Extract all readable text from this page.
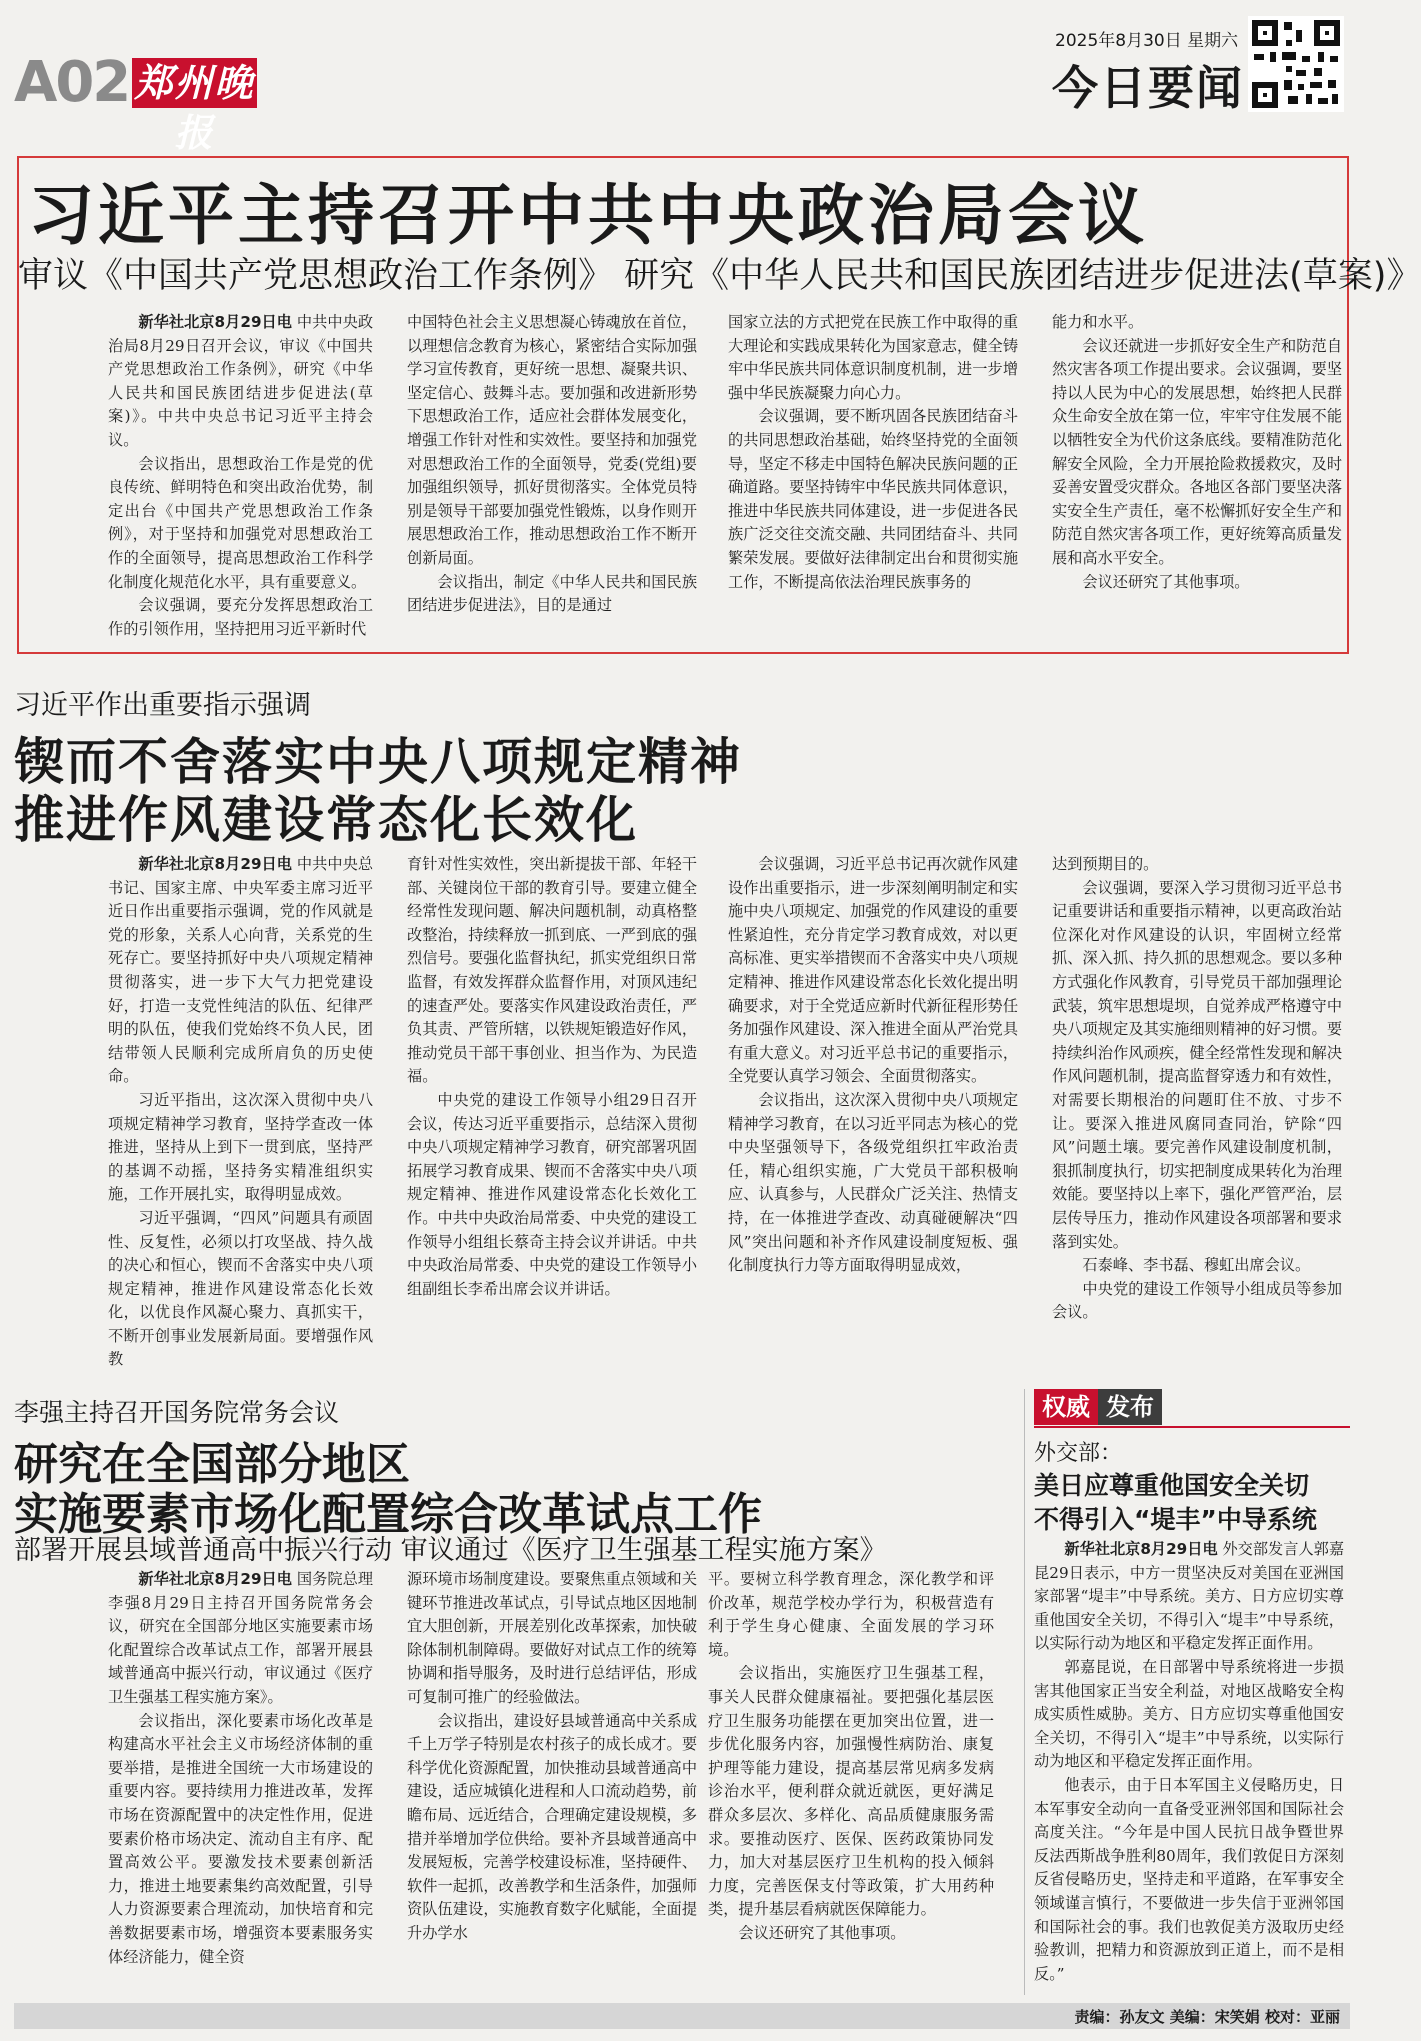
A02 郑州晚报
2025年8月30日 星期六
今日要闻
习近平主持召开中共中央政治局会议
审议《中国共产党思想政治工作条例》 研究《中华人民共和国民族团结进步促进法(草案)》

新华社北京8月29日电 中共中央政治局8月29日召开会议，审议《中国共产党思想政治工作条例》，研究《中华人民共和国民族团结进步促进法(草案)》。中共中央总书记习近平主持会议。

会议指出，思想政治工作是党的优良传统、鲜明特色和突出政治优势，制定出台《中国共产党思想政治工作条例》，对于坚持和加强党对思想政治工作的全面领导，提高思想政治工作科学化制度化规范化水平，具有重要意义。

会议强调，要充分发挥思想政治工作的引领作用，坚持把用习近平新时代

中国特色社会主义思想凝心铸魂放在首位，以理想信念教育为核心，紧密结合实际加强学习宣传教育，更好统一思想、凝聚共识、坚定信心、鼓舞斗志。要加强和改进新形势下思想政治工作，适应社会群体发展变化，增强工作针对性和实效性。要坚持和加强党对思想政治工作的全面领导，党委(党组)要加强组织领导，抓好贯彻落实。全体党员特别是领导干部要加强党性锻炼，以身作则开展思想政治工作，推动思想政治工作不断开创新局面。

会议指出，制定《中华人民共和国民族团结进步促进法》，目的是通过

国家立法的方式把党在民族工作中取得的重大理论和实践成果转化为国家意志，健全铸牢中华民族共同体意识制度机制，进一步增强中华民族凝聚力向心力。

会议强调，要不断巩固各民族团结奋斗的共同思想政治基础，始终坚持党的全面领导，坚定不移走中国特色解决民族问题的正确道路。要坚持铸牢中华民族共同体意识，推进中华民族共同体建设，进一步促进各民族广泛交往交流交融、共同团结奋斗、共同繁荣发展。要做好法律制定出台和贯彻实施工作，不断提高依法治理民族事务的

能力和水平。

会议还就进一步抓好安全生产和防范自然灾害各项工作提出要求。会议强调，要坚持以人民为中心的发展思想，始终把人民群众生命安全放在第一位，牢牢守住发展不能以牺牲安全为代价这条底线。要精准防范化解安全风险，全力开展抢险救援救灾，及时妥善安置受灾群众。各地区各部门要坚决落实安全生产责任，毫不松懈抓好安全生产和防范自然灾害各项工作，更好统筹高质量发展和高水平安全。

会议还研究了其他事项。

习近平作出重要指示强调
锲而不舍落实中央八项规定精神
推进作风建设常态化长效化

新华社北京8月29日电 中共中央总书记、国家主席、中央军委主席习近平近日作出重要指示强调，党的作风就是党的形象，关系人心向背，关系党的生死存亡。要坚持抓好中央八项规定精神贯彻落实，进一步下大气力把党建设好，打造一支党性纯洁的队伍、纪律严明的队伍，使我们党始终不负人民，团结带领人民顺利完成所肩负的历史使命。

习近平指出，这次深入贯彻中央八项规定精神学习教育，坚持学查改一体推进，坚持从上到下一贯到底，坚持严的基调不动摇，坚持务实精准组织实施，工作开展扎实，取得明显成效。

习近平强调，“四风”问题具有顽固性、反复性，必须以打攻坚战、持久战的决心和恒心，锲而不舍落实中央八项规定精神，推进作风建设常态化长效化，以优良作风凝心聚力、真抓实干，不断开创事业发展新局面。要增强作风教

育针对性实效性，突出新提拔干部、年轻干部、关键岗位干部的教育引导。要建立健全经常性发现问题、解决问题机制，动真格整改整治，持续释放一抓到底、一严到底的强烈信号。要强化监督执纪，抓实党组织日常监督，有效发挥群众监督作用，对顶风违纪的速查严处。要落实作风建设政治责任，严负其责、严管所辖，以铁规矩锻造好作风，推动党员干部干事创业、担当作为、为民造福。

中央党的建设工作领导小组29日召开会议，传达习近平重要指示，总结深入贯彻中央八项规定精神学习教育，研究部署巩固拓展学习教育成果、锲而不舍落实中央八项规定精神、推进作风建设常态化长效化工作。中共中央政治局常委、中央党的建设工作领导小组组长蔡奇主持会议并讲话。中共中央政治局常委、中央党的建设工作领导小组副组长李希出席会议并讲话。

会议强调，习近平总书记再次就作风建设作出重要指示，进一步深刻阐明制定和实施中央八项规定、加强党的作风建设的重要性紧迫性，充分肯定学习教育成效，对以更高标准、更实举措锲而不舍落实中央八项规定精神、推进作风建设常态化长效化提出明确要求，对于全党适应新时代新征程形势任务加强作风建设、深入推进全面从严治党具有重大意义。对习近平总书记的重要指示，全党要认真学习领会、全面贯彻落实。

会议指出，这次深入贯彻中央八项规定精神学习教育，在以习近平同志为核心的党中央坚强领导下，各级党组织扛牢政治责任，精心组织实施，广大党员干部积极响应、认真参与，人民群众广泛关注、热情支持，在一体推进学查改、动真碰硬解决“四风”突出问题和补齐作风建设制度短板、强化制度执行力等方面取得明显成效，

达到预期目的。

会议强调，要深入学习贯彻习近平总书记重要讲话和重要指示精神，以更高政治站位深化对作风建设的认识，牢固树立经常抓、深入抓、持久抓的思想观念。要以多种方式强化作风教育，引导党员干部加强理论武装，筑牢思想堤坝，自觉养成严格遵守中央八项规定及其实施细则精神的好习惯。要持续纠治作风顽疾，健全经常性发现和解决作风问题机制，提高监督穿透力和有效性，对需要长期根治的问题盯住不放、寸步不让。要深入推进风腐同查同治，铲除“四风”问题土壤。要完善作风建设制度机制，狠抓制度执行，切实把制度成果转化为治理效能。要坚持以上率下，强化严管严治，层层传导压力，推动作风建设各项部署和要求落到实处。

石泰峰、李书磊、穆虹出席会议。

中央党的建设工作领导小组成员等参加会议。

李强主持召开国务院常务会议
研究在全国部分地区
实施要素市场化配置综合改革试点工作
部署开展县域普通高中振兴行动 审议通过《医疗卫生强基工程实施方案》

新华社北京8月29日电 国务院总理李强8月29日主持召开国务院常务会议，研究在全国部分地区实施要素市场化配置综合改革试点工作，部署开展县域普通高中振兴行动，审议通过《医疗卫生强基工程实施方案》。

会议指出，深化要素市场化改革是构建高水平社会主义市场经济体制的重要举措，是推进全国统一大市场建设的重要内容。要持续用力推进改革，发挥市场在资源配置中的决定性作用，促进要素价格市场决定、流动自主有序、配置高效公平。要激发技术要素创新活力，推进土地要素集约高效配置，引导人力资源要素合理流动，加快培育和完善数据要素市场，增强资本要素服务实体经济能力，健全资

源环境市场制度建设。要聚焦重点领域和关键环节推进改革试点，引导试点地区因地制宜大胆创新，开展差别化改革探索，加快破除体制机制障碍。要做好对试点工作的统筹协调和指导服务，及时进行总结评估，形成可复制可推广的经验做法。

会议指出，建设好县域普通高中关系成千上万学子特别是农村孩子的成长成才。要科学优化资源配置，加快推动县域普通高中建设，适应城镇化进程和人口流动趋势，前瞻布局、远近结合，合理确定建设规模，多措并举增加学位供给。要补齐县域普通高中发展短板，完善学校建设标准，坚持硬件、软件一起抓，改善教学和生活条件，加强师资队伍建设，实施教育数字化赋能，全面提升办学水

平。要树立科学教育理念，深化教学和评价改革，规范学校办学行为，积极营造有利于学生身心健康、全面发展的学习环境。

会议指出，实施医疗卫生强基工程，事关人民群众健康福祉。要把强化基层医疗卫生服务功能摆在更加突出位置，进一步优化服务内容，加强慢性病防治、康复护理等能力建设，提高基层常见病多发病诊治水平，便利群众就近就医，更好满足群众多层次、多样化、高品质健康服务需求。要推动医疗、医保、医药政策协同发力，加大对基层医疗卫生机构的投入倾斜力度，完善医保支付等政策，扩大用药种类，提升基层看病就医保障能力。

会议还研究了其他事项。

权威 发布
外交部：
美日应尊重他国安全关切
不得引入“堤丰”中导系统

新华社北京8月29日电 外交部发言人郭嘉昆29日表示，中方一贯坚决反对美国在亚洲国家部署“堤丰”中导系统。美方、日方应切实尊重他国安全关切，不得引入“堤丰”中导系统，以实际行动为地区和平稳定发挥正面作用。

郭嘉昆说，在日部署中导系统将进一步损害其他国家正当安全利益，对地区战略安全构成实质性威胁。美方、日方应切实尊重他国安全关切，不得引入“堤丰”中导系统，以实际行动为地区和平稳定发挥正面作用。

他表示，由于日本军国主义侵略历史，日本军事安全动向一直备受亚洲邻国和国际社会高度关注。“今年是中国人民抗日战争暨世界反法西斯战争胜利80周年，我们敦促日方深刻反省侵略历史，坚持走和平道路，在军事安全领域谨言慎行，不要做进一步失信于亚洲邻国和国际社会的事。我们也敦促美方汲取历史经验教训，把精力和资源放到正道上，而不是相反。”

责编：孙友文 美编：宋笑娟 校对：亚丽
